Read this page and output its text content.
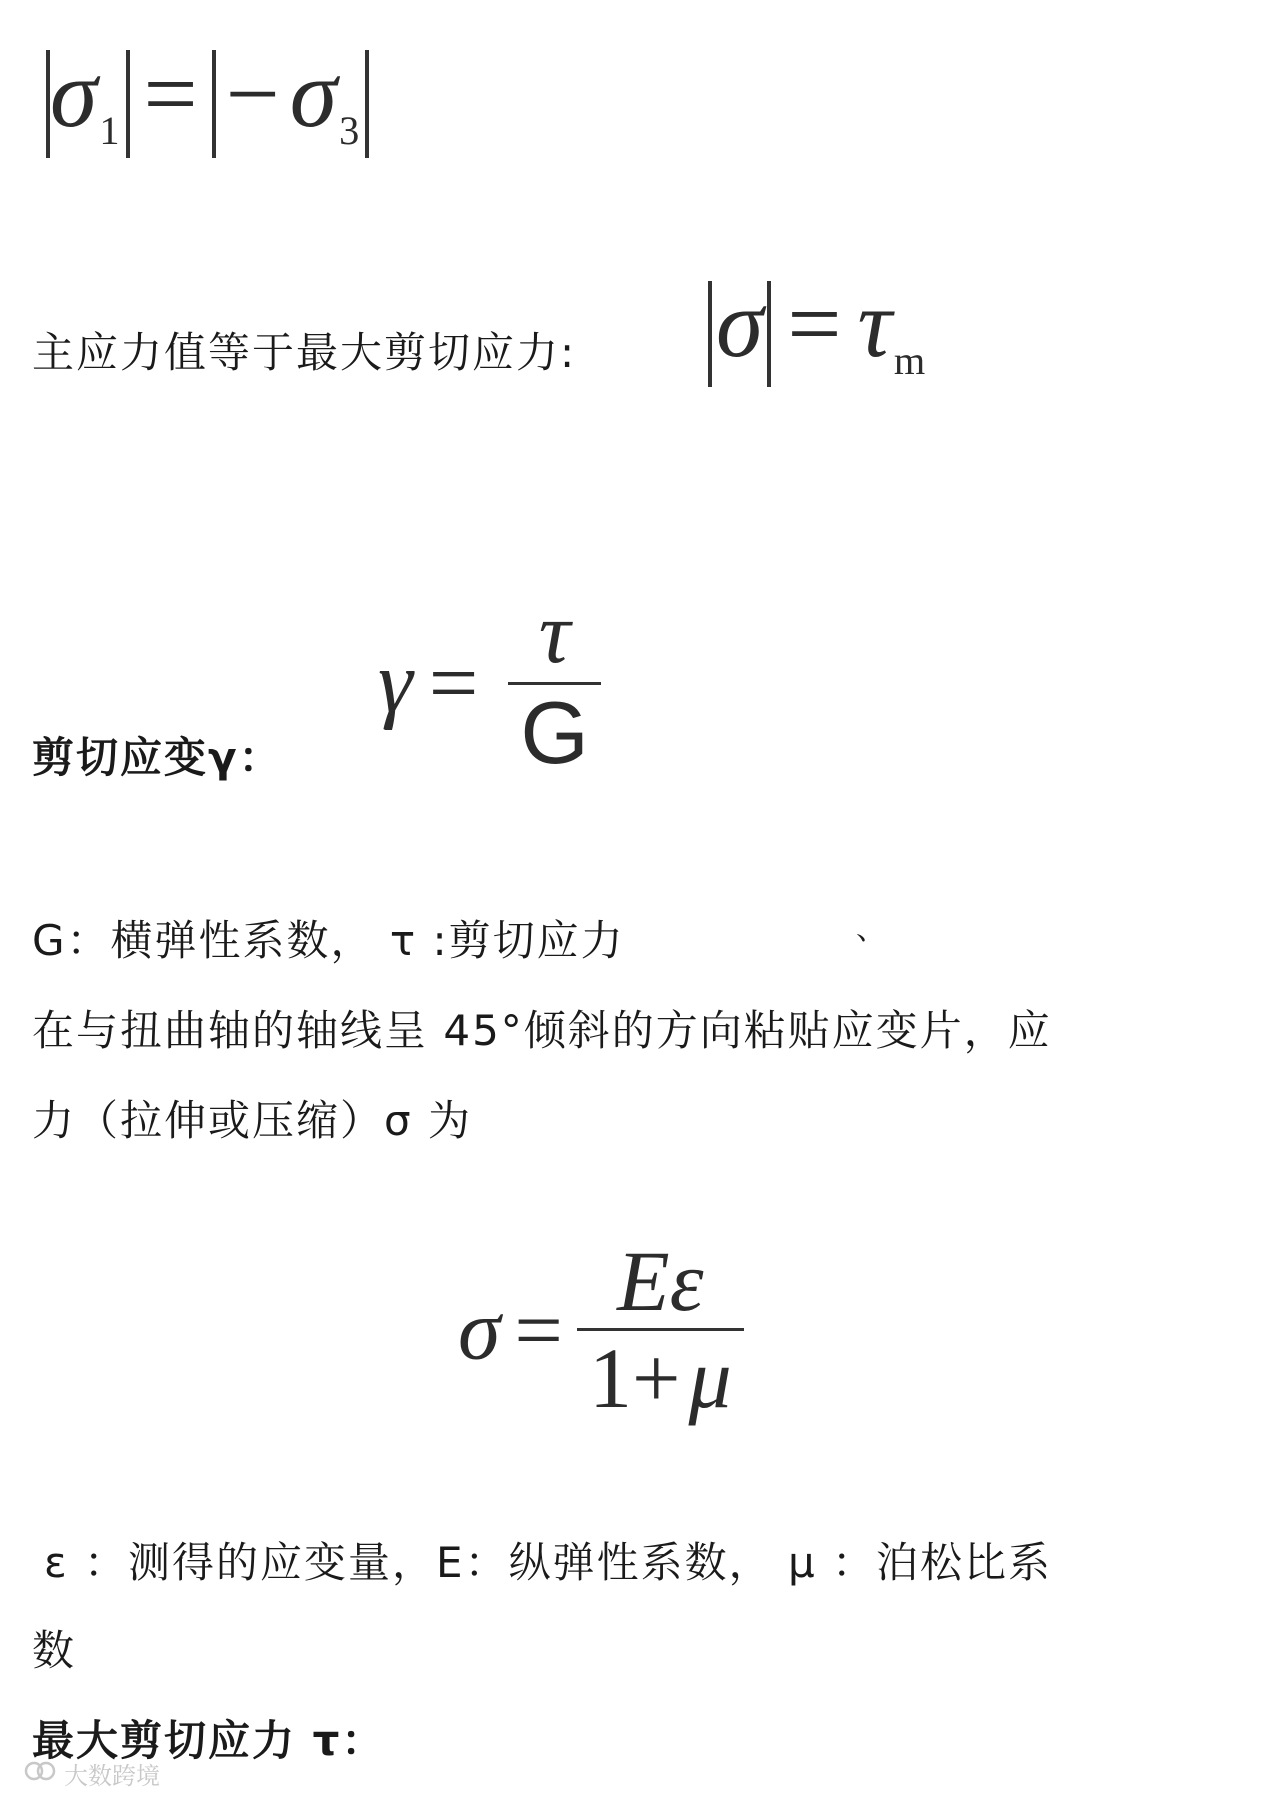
σ1 = − σ3
主应力值等于最大剪切应力: σ = τm
$\gamma = \frac{\tau}{G}$
剪切应变γ：
G：横弹性系数， τ :剪切应力	、
在与扭曲轴的轴线呈 45°倾斜的方向粘贴应变片，应
力（拉伸或压缩）σ 为
$\sigma = \frac{E\varepsilon}{1+\mu}$
ε ：测得的应变量，E：纵弹性系数， μ ：泊松比系
数
最大剪切应力 τ：
大数跨境
